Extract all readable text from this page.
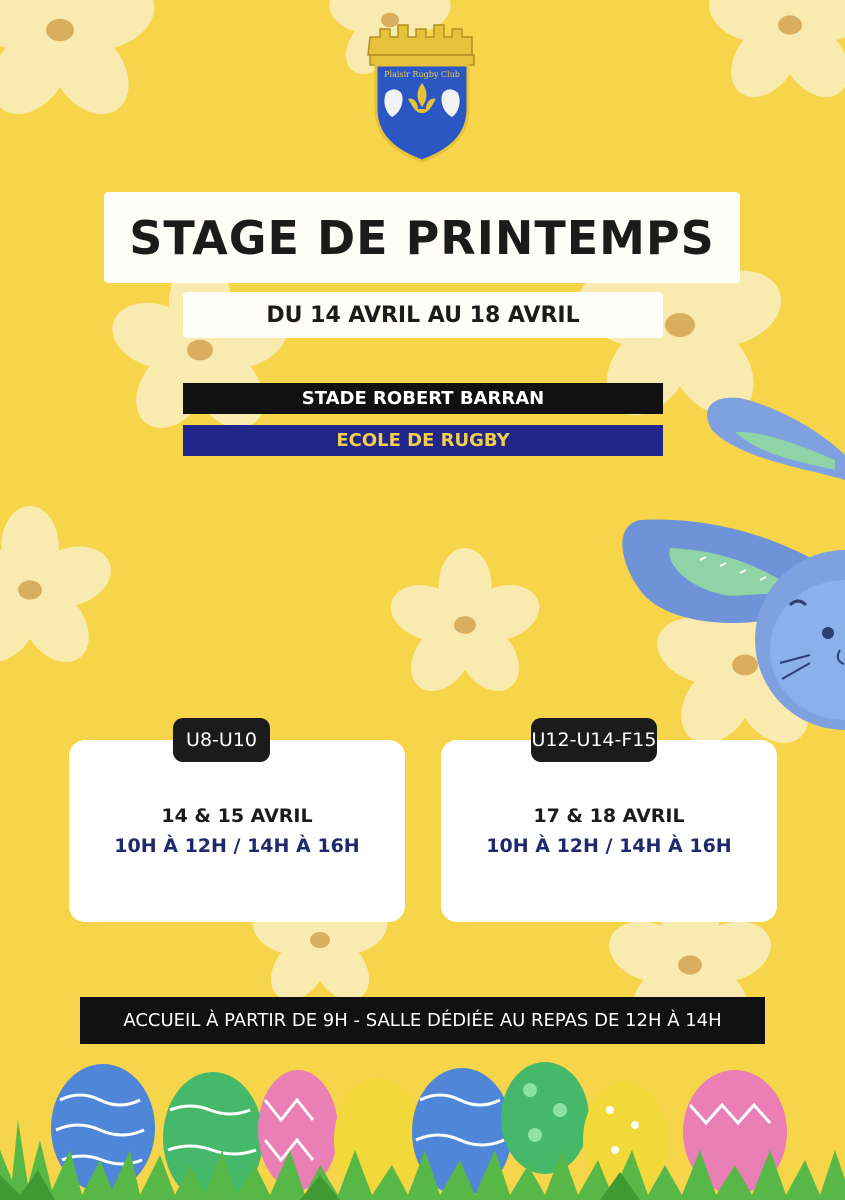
Plaisir Rugby Club
STAGE DE PRINTEMPS
DU 14 AVRIL AU 18 AVRIL
STADE ROBERT BARRAN
ECOLE DE RUGBY
U8-U10
14 & 15 AVRIL
10H À 12H / 14H À 16H
U12-U14-F15
17 & 18 AVRIL
10H À 12H / 14H À 16H
ACCUEIL À PARTIR DE 9H - SALLE DÉDIÉE AU REPAS DE 12H À 14H
